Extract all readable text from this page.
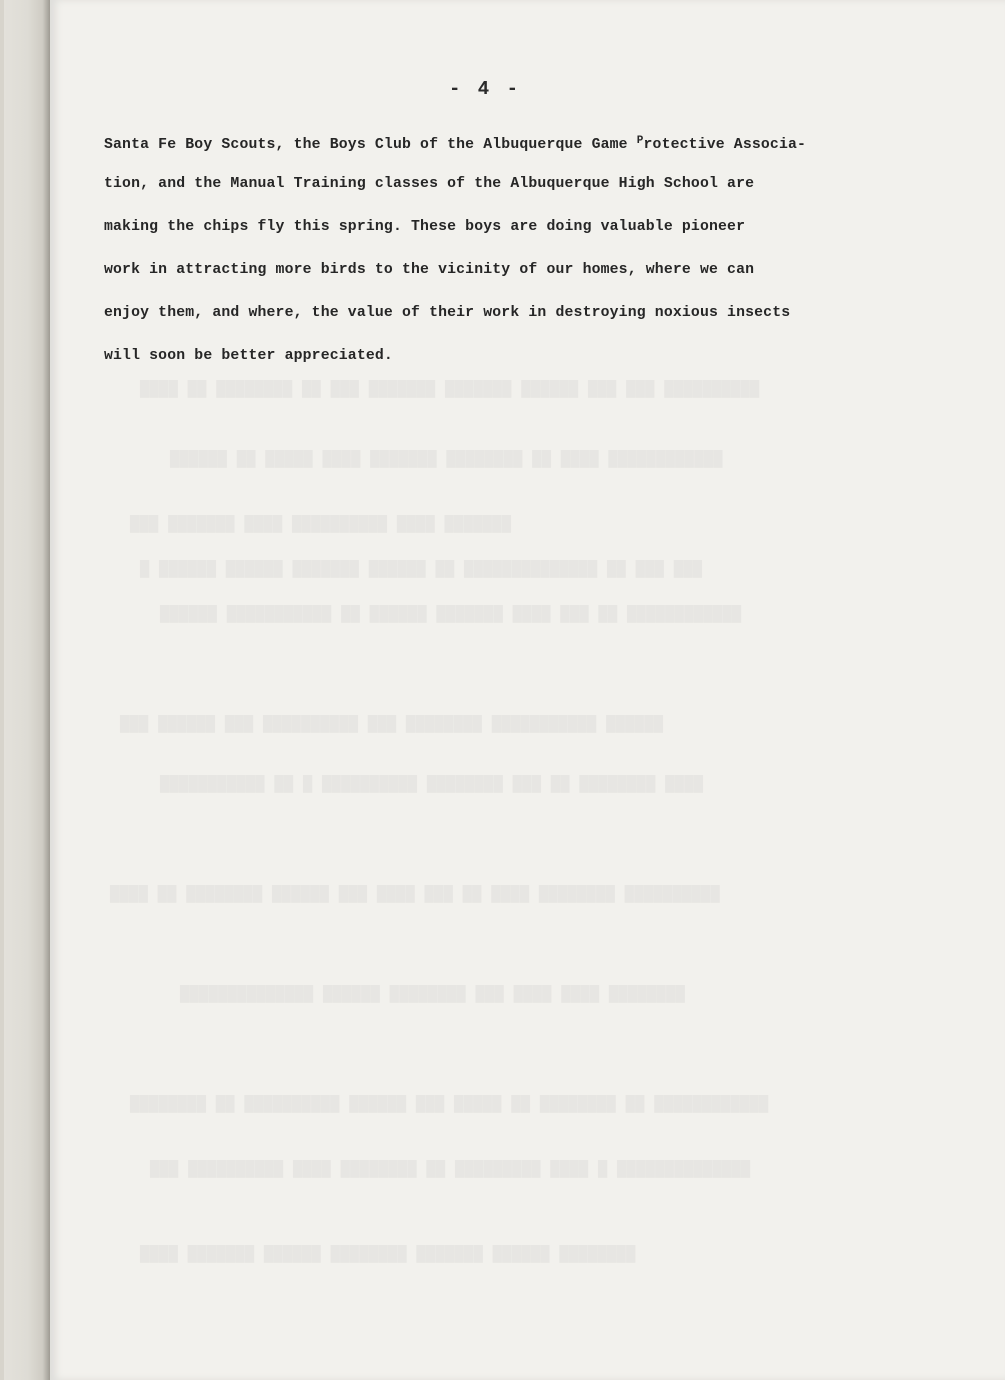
████ ██ ████████ ██ ███ ███████ ███████ ██████ ███ ███ ██████████
██████ ██ █████ ████ ███████ ████████ ██ ████ ████████████
███ ███████ ████ ██████████ ████ ███████
█ ██████ ██████ ███████ ██████ ██ ██████████████ ██ ███ ███
██████ ███████████ ██ ██████ ███████ ████ ███ ██ ████████████
███ ██████ ███ ██████████ ███ ████████ ███████████ ██████
███████████ ██ █ ██████████ ████████ ███ ██ ████████ ████
████ ██ ████████ ██████ ███ ████ ███ ██ ████ ████████ ██████████
██████████████ ██████ ████████ ███ ████ ████ ████████
████████ ██ ██████████ ██████ ███ █████ ██ ████████ ██ ████████████
███ ██████████ ████ ████████ ██ █████████ ████ █ ██████████████
████ ███████ ██████ ████████ ███████ ██████ ████████

- 4 -

Santa Fe Boy Scouts, the Boys Club of the Albuquerque Game $^P$rotective Associa-
tion, and the Manual Training classes of the Albuquerque High School are
making the chips fly this spring. These boys are doing valuable pioneer
work in attracting more birds to the vicinity of our homes, where we can
enjoy them, and where, the value of their work in destroying noxious insects
will soon be better appreciated.
